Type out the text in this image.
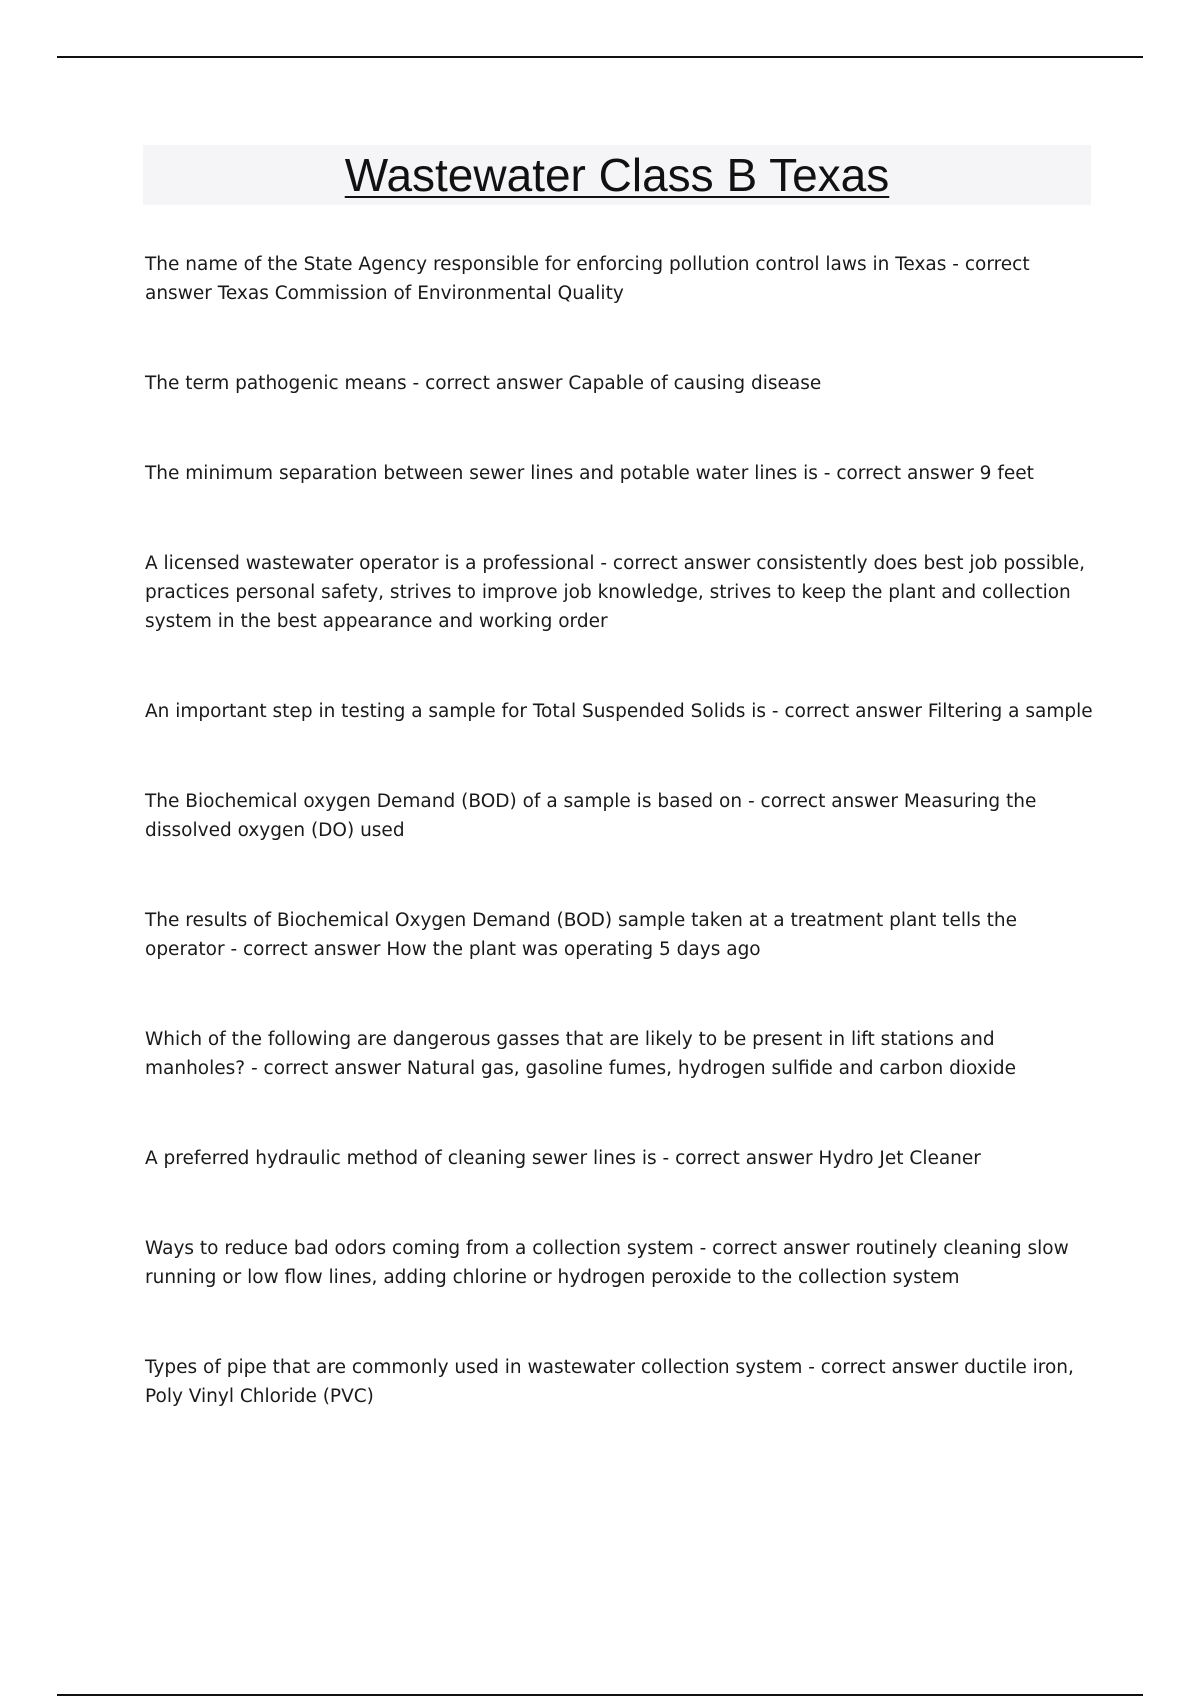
Wastewater Class B Texas
The name of the State Agency responsible for enforcing pollution control laws in Texas - correct answer Texas Commission of Environmental Quality
The term pathogenic means - correct answer Capable of causing disease
The minimum separation between sewer lines and potable water lines is - correct answer 9 feet
A licensed wastewater operator is a professional - correct answer consistently does best job possible, practices personal safety, strives to improve job knowledge, strives to keep the plant and collection system in the best appearance and working order
An important step in testing a sample for Total Suspended Solids is - correct answer Filtering a sample
The Biochemical oxygen Demand (BOD) of a sample is based on - correct answer Measuring the dissolved oxygen (DO) used
The results of Biochemical Oxygen Demand (BOD) sample taken at a treatment plant tells the operator - correct answer How the plant was operating 5 days ago
Which of the following are dangerous gasses that are likely to be present in lift stations and manholes? - correct answer Natural gas, gasoline fumes, hydrogen sulfide and carbon dioxide
A preferred hydraulic method of cleaning sewer lines is - correct answer Hydro Jet Cleaner
Ways to reduce bad odors coming from a collection system - correct answer routinely cleaning slow running or low flow lines, adding chlorine or hydrogen peroxide to the collection system
Types of pipe that are commonly used in wastewater collection system - correct answer ductile iron, Poly Vinyl Chloride (PVC)
